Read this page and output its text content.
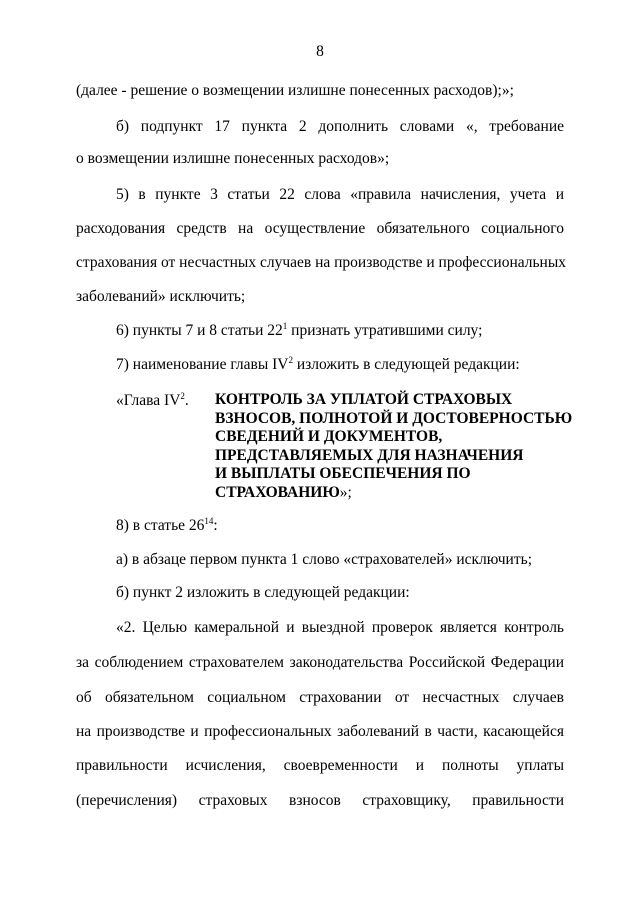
8
(далее - решение о возмещении излишне понесенных расходов);»;
б) подпункт 17 пункта 2 дополнить словами «, требование
о возмещении излишне понесенных расходов»;
5) в пункте 3 статьи 22 слова «правила начисления, учета и
расходования средств на осуществление обязательного социального
страхования от несчастных случаев на производстве и профессиональных
заболеваний» исключить;
6) пункты 7 и 8 статьи $22^1$ признать утратившими силу;
7) наименование главы $IV^2$ изложить в следующей редакции:
«Глава $IV^2$. КОНТРОЛЬ ЗА УПЛАТОЙ СТРАХОВЫХ
ВЗНОСОВ, ПОЛНОТОЙ И ДОСТОВЕРНОСТЬЮ
СВЕДЕНИЙ И ДОКУМЕНТОВ,
ПРЕДСТАВЛЯЕМЫХ ДЛЯ НАЗНАЧЕНИЯ
И ВЫПЛАТЫ ОБЕСПЕЧЕНИЯ ПО
СТРАХОВАНИЮ»;
8) в статье $26^{14}$:
а) в абзаце первом пункта 1 слово «страхователей» исключить;
б) пункт 2 изложить в следующей редакции:
«2. Целью камеральной и выездной проверок является контроль
за соблюдением страхователем законодательства Российской Федерации
об обязательном социальном страховании от несчастных случаев
на производстве и профессиональных заболеваний в части, касающейся
правильности исчисления, своевременности и полноты уплаты
(перечисления) страховых взносов страховщику, правильности
